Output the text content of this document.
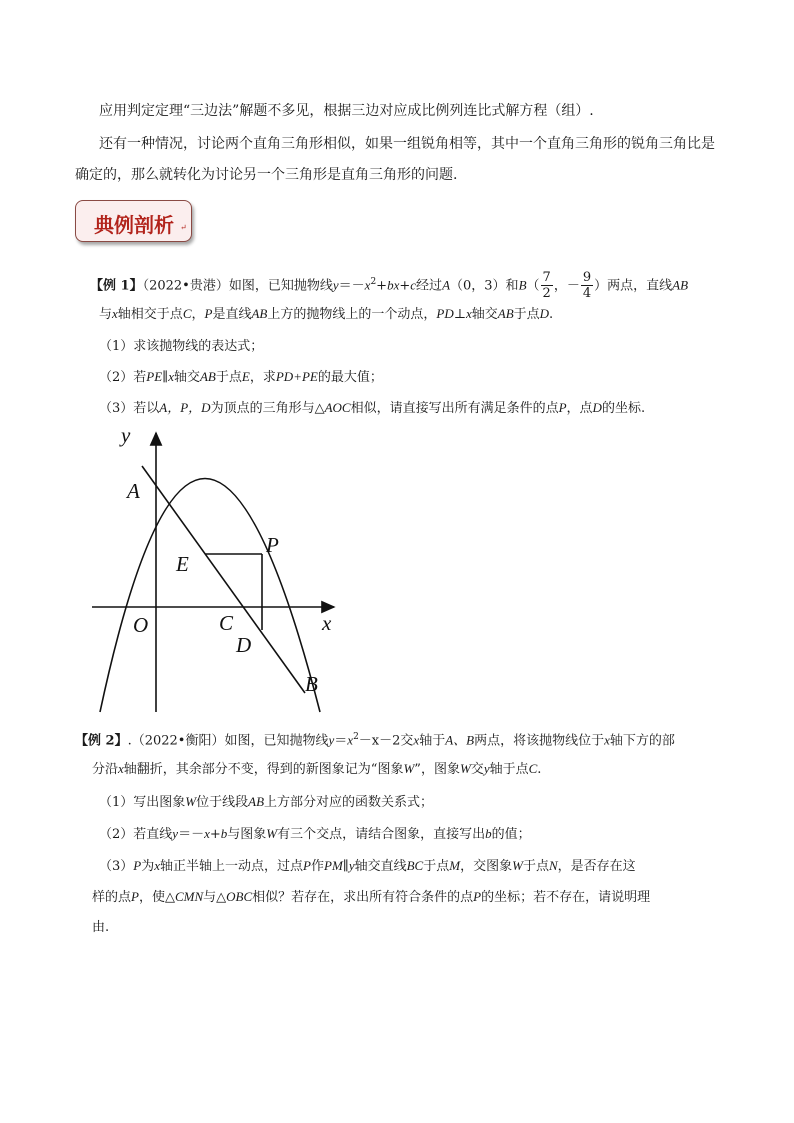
应用判定定理“三边法”解题不多见，根据三边对应成比例列连比式解方程（组）.
还有一种情况，讨论两个直角三角形相似，如果一组锐角相等，其中一个直角三角形的锐角三角比是
确定的，那么就转化为讨论另一个三角形是直角三角形的问题.
典例剖析 ↵
【例 1】（2022•贵港）如图，已知抛物线$y=-x^2+bx+c$经过A（0，3）和$B( \frac{7}{2}$ ，－ $\frac{9}{4}$ ）两点，直线AB
与x轴相交于点C，P是直线AB上方的抛物线上的一个动点，PD⊥x轴交AB于点D.
（1）求该抛物线的表达式；
（2）若PE∥x轴交AB于点E，求PD+PE的最大值；
（3）若以A，P，D为顶点的三角形与△AOC相似，请直接写出所有满足条件的点P，点D的坐标.
y
x
A
O
E
P
C
D
B
【例 2】.（2022•衡阳）如图，已知抛物线$y=x^2-x-2$交x轴于A、B两点，将该抛物线位于x轴下方的部
分沿x轴翻折，其余部分不变，得到的新图象记为“图象W”，图象W交y轴于点C.
（1）写出图象W位于线段AB上方部分对应的函数关系式；
（2）若直线y＝－x+b与图象W有三个交点，请结合图象，直接写出b的值；
（3）P为x轴正半轴上一动点，过点P作PM∥y轴交直线BC于点M，交图象W于点N，是否存在这
样的点P，使△CMN与△OBC相似？若存在，求出所有符合条件的点P的坐标；若不存在，请说明理
由.
